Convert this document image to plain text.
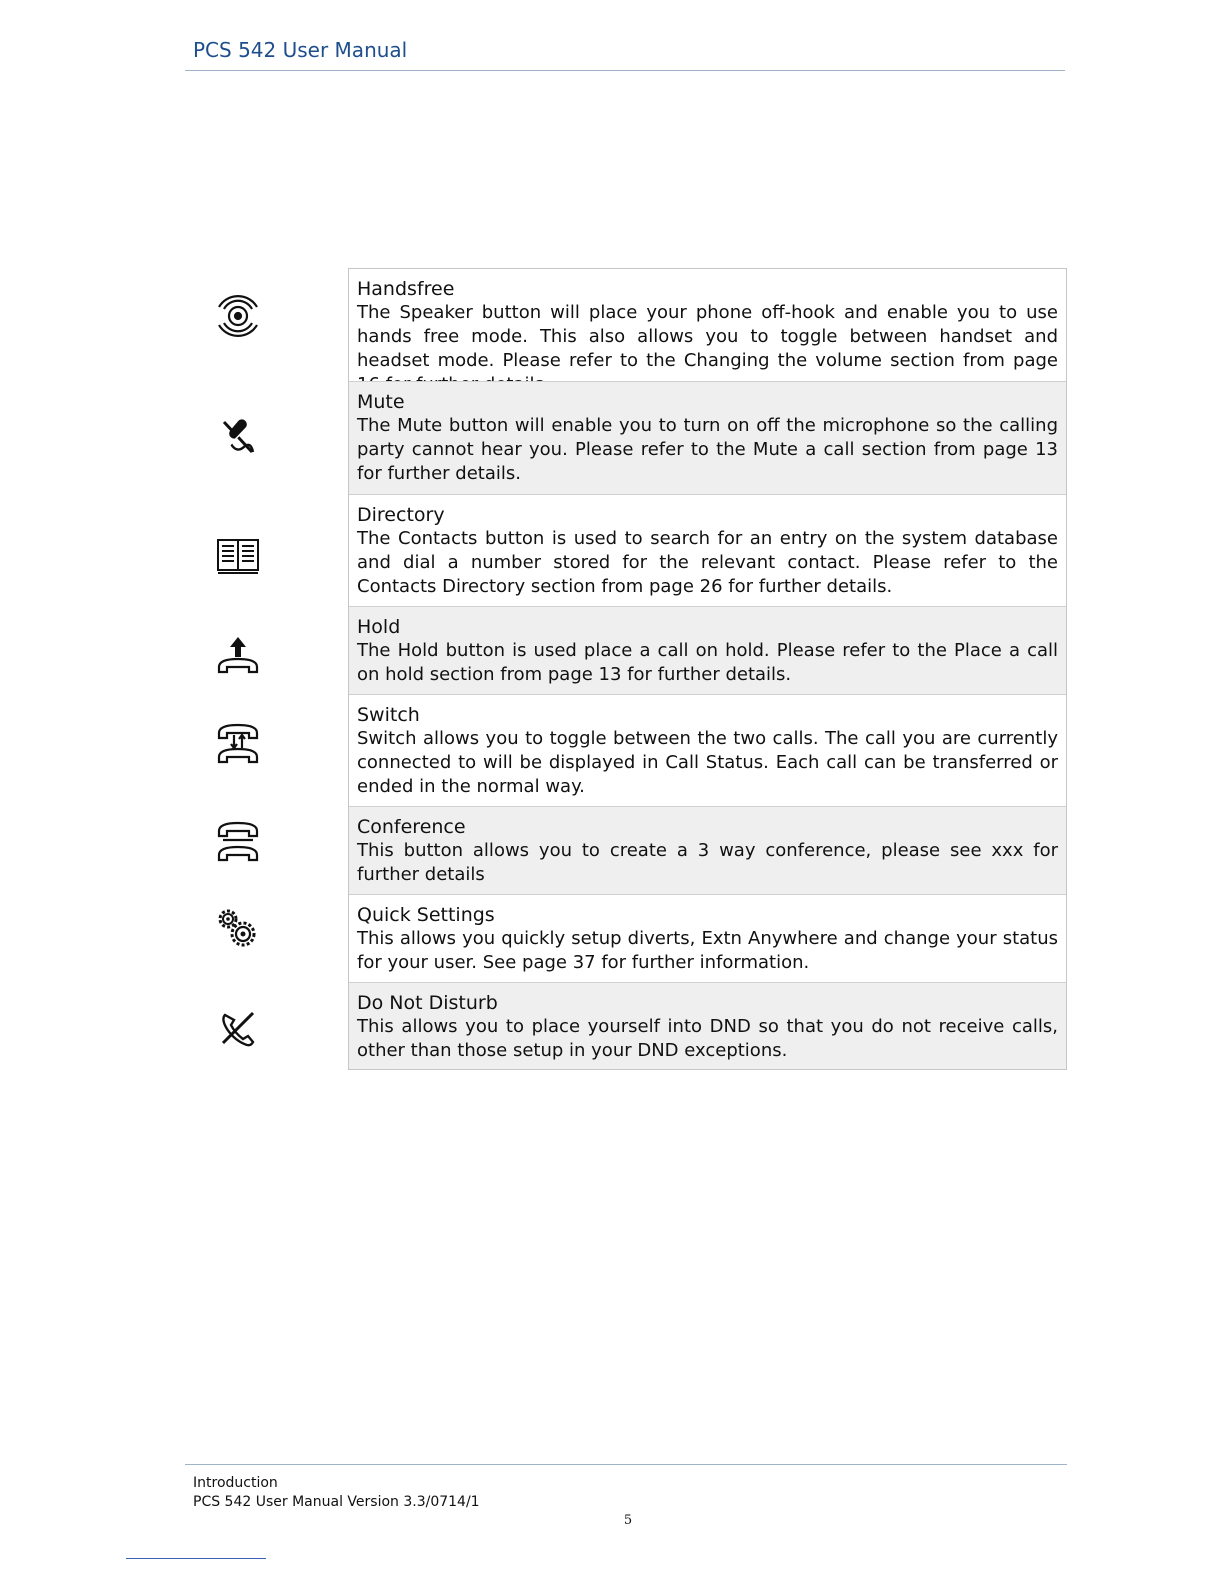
PCS 542 User Manual
Handsfree
The Speaker button will place your phone off-hook and enable you to use hands free mode. This also allows you to toggle between handset and headset mode. Please refer to the Changing the volume section from page
Mute
The Mute button will enable you to turn on off the microphone so the calling party cannot hear you. Please refer to the Mute a call section from page 13 for further details.
Directory
The Contacts button is used to search for an entry on the system database and dial a number stored for the relevant contact. Please refer to the Contacts Directory section from page 26 for further details.
Hold
The Hold button is used place a call on hold. Please refer to the Place a call on hold section from page 13 for further details.
Switch
Switch allows you to toggle between the two calls. The call you are currently connected to will be displayed in Call Status. Each call can be transferred or ended in the normal way.
Conference
This button allows you to create a 3 way conference, please see xxx for further details
Quick Settings
This allows you quickly setup diverts, Extn Anywhere and change your status for your user. See page 37 for further information.
Do Not Disturb
This allows you to place yourself into DND so that you do not receive calls, other than those setup in your DND exceptions.
Introduction
PCS 542 User Manual Version 3.3/0714/1
5
